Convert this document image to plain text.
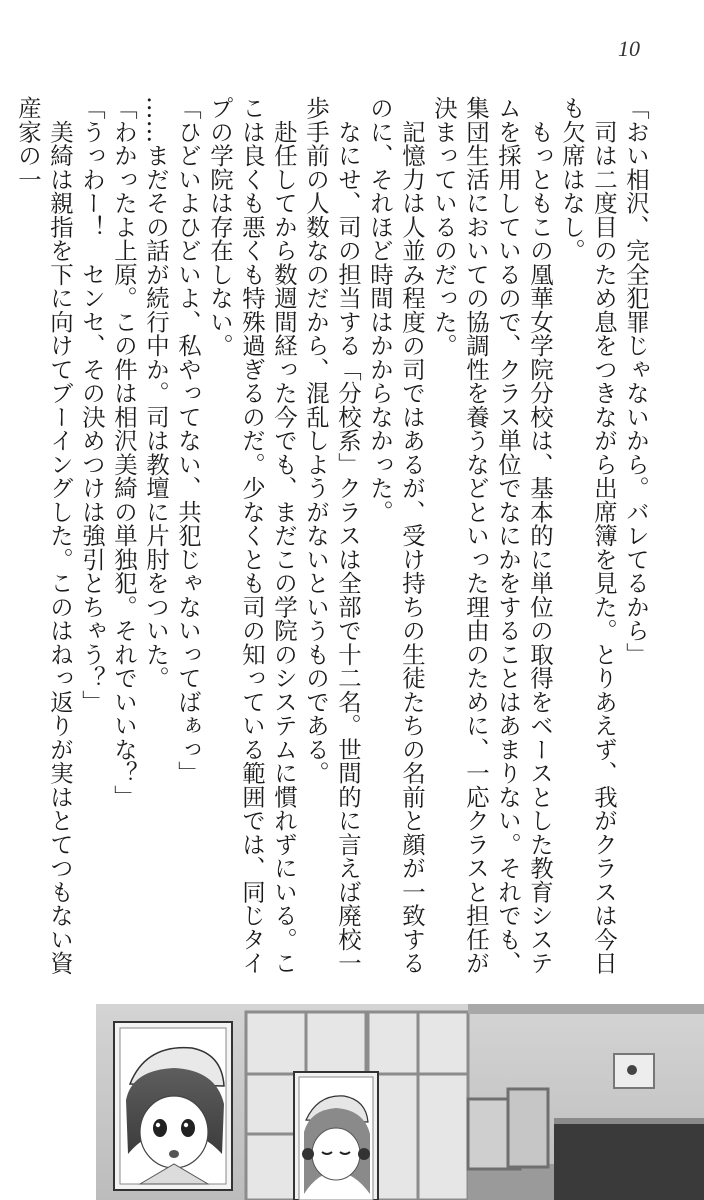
10

「おい相沢、完全犯罪じゃないから。バレてるから」

　司は二度目のため息をつきながら出席簿を見た。とりあえず、我がクラスは今日も欠席はなし。

　もっともこの凰華女学院分校は、基本的に単位の取得をベースとした教育システムを採用しているので、クラス単位でなにかをすることはあまりない。それでも、集団生活においての協調性を養うなどといった理由のために、一応クラスと担任が決まっているのだった。

　記憶力は人並み程度の司ではあるが、受け持ちの生徒たちの名前と顔が一致するのに、それほど時間はかからなかった。

　なにせ、司の担当する「分校系」クラスは全部で十二名。世間的に言えば廃校一歩手前の人数なのだから、混乱しようがないというものである。

　赴任してから数週間経った今でも、まだこの学院のシステムに慣れずにいる。ここは良くも悪くも特殊過ぎるのだ。少なくとも司の知っている範囲では、同じタイプの学院は存在しない。

「ひどいよひどいよ、私やってない、共犯じゃないってばぁっ」

……まだその話が続行中か。司は教壇に片肘をついた。

「わかったよ上原。この件は相沢美綺の単独犯。それでいいな？」

「うっわー！　センセ、その決めつけは強引とちゃう？」

　美綺は親指を下に向けてブーイングした。このはねっ返りが実はとてつもない資産家の一
